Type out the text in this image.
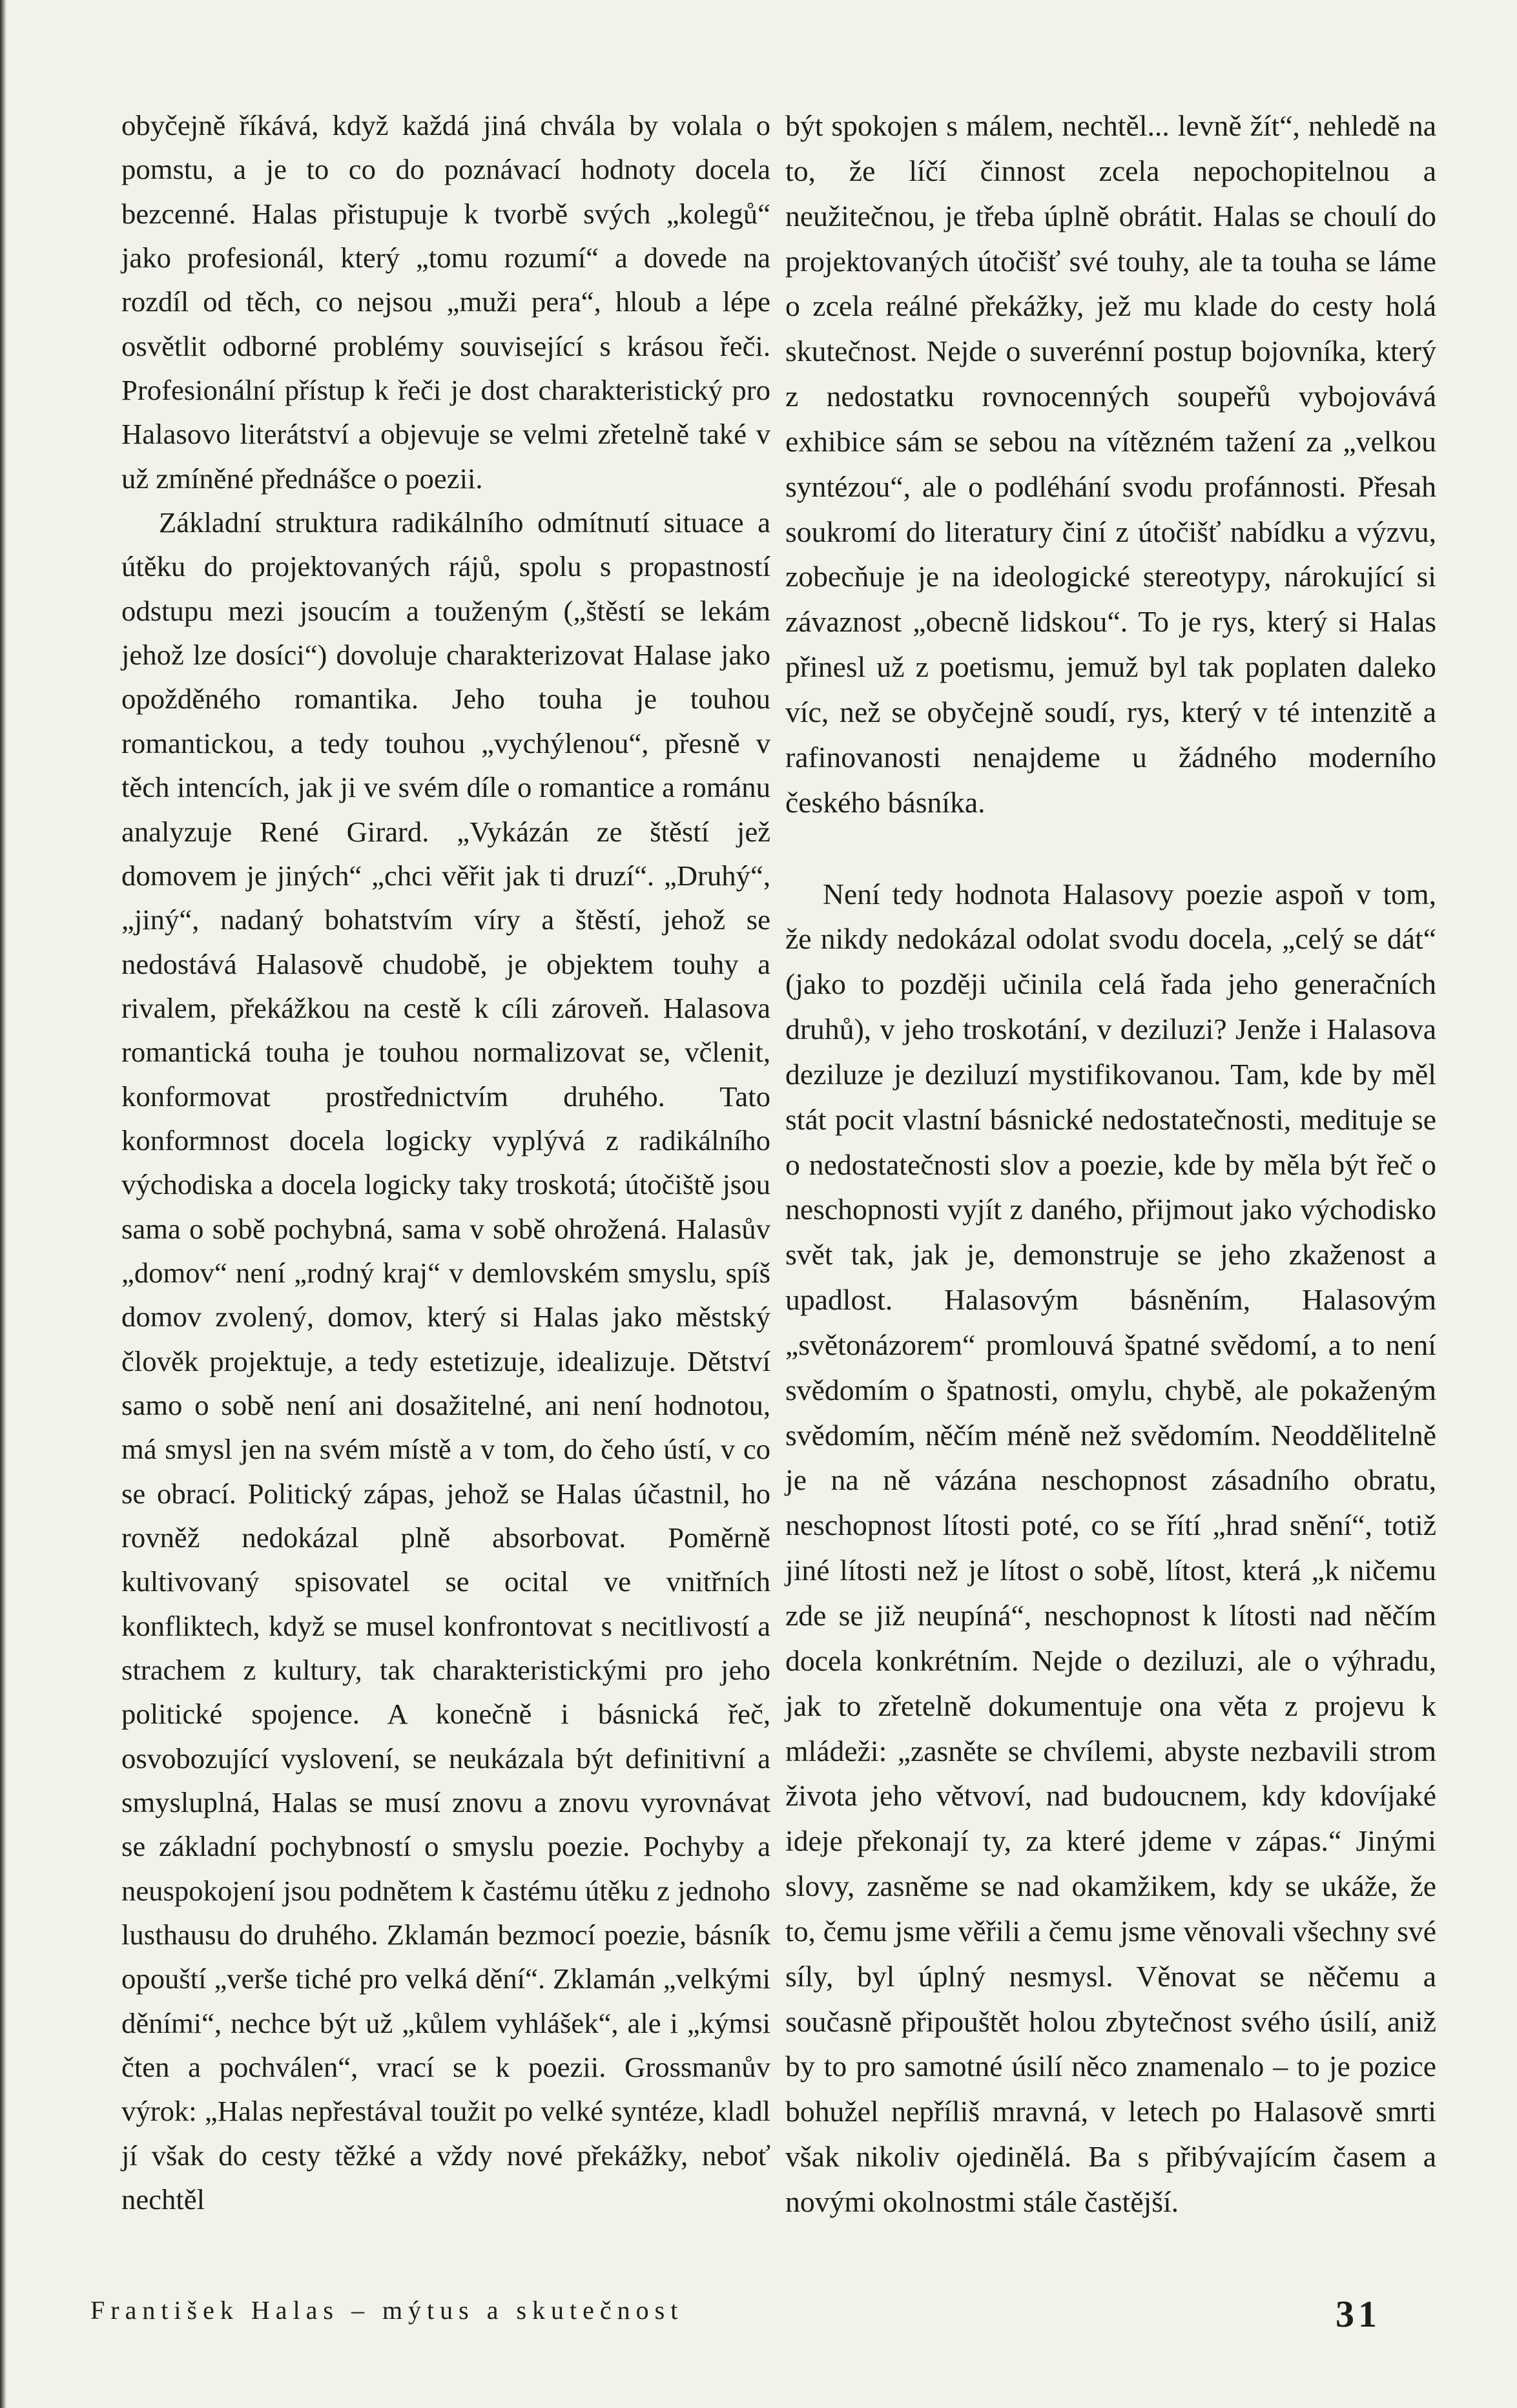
obyčejně říkává, když každá jiná chvála by volala o pomstu, a je to co do poznávací hodnoty docela bezcenné. Halas přistupuje k tvorbě svých „kolegů“ jako profesionál, který „tomu rozumí“ a dovede na rozdíl od těch, co nejsou „muži pera“, hloub a lépe osvětlit odborné problémy související s krásou řeči. Profesionální přístup k řeči je dost charakteristický pro Halasovo literátství a objevuje se velmi zřetelně také v už zmíněné přednášce o poezii.

Základní struktura radikálního odmítnutí situace a útěku do projektovaných rájů, spolu s propastností odstupu mezi jsoucím a touženým („štěstí se lekám jehož lze dosíci“) dovoluje charakterizovat Halase jako opožděného romantika. Jeho touha je touhou romantickou, a tedy touhou „vychýlenou“, přesně v těch intencích, jak ji ve svém díle o romantice a románu analyzuje René Girard. „Vykázán ze štěstí jež domovem je jiných“ „chci věřit jak ti druzí“. „Druhý“, „jiný“, nadaný bohatstvím víry a štěstí, jehož se nedostává Halasově chudobě, je objektem touhy a rivalem, překážkou na cestě k cíli zároveň. Halasova romantická touha je touhou normalizovat se, včlenit, konformovat prostřednictvím druhého. Tato konformnost docela logicky vyplývá z radikálního východiska a docela logicky taky troskotá; útočiště jsou sama o sobě pochybná, sama v sobě ohrožená. Halasův „domov“ není „rodný kraj“ v demlovském smyslu, spíš domov zvolený, domov, který si Halas jako městský člověk projektuje, a tedy estetizuje, idealizuje. Dětství samo o sobě není ani dosažitelné, ani není hodnotou, má smysl jen na svém místě a v tom, do čeho ústí, v co se obrací. Politický zápas, jehož se Halas účastnil, ho rovněž nedokázal plně absorbovat. Poměrně kultivovaný spisovatel se ocital ve vnitřních konfliktech, když se musel konfrontovat s necitlivostí a strachem z kultury, tak charakteristickými pro jeho politické spojence. A konečně i básnická řeč, osvobozující vyslovení, se neukázala být definitivní a smysluplná, Halas se musí znovu a znovu vyrovnávat se základní pochybností o smyslu poezie. Pochyby a neuspokojení jsou podnětem k častému útěku z jednoho lusthausu do druhého. Zklamán bezmocí poezie, básník opouští „verše tiché pro velká dění“. Zklamán „velkými děními“, nechce být už „kůlem vyhlášek“, ale i „kýmsi čten a pochválen“, vrací se k poezii. Grossmanův výrok: „Halas nepřestával toužit po velké syntéze, kladl jí však do cesty těžké a vždy nové překážky, neboť nechtěl

být spokojen s málem, nechtěl... levně žít“, nehledě na to, že líčí činnost zcela nepochopitelnou a neužitečnou, je třeba úplně obrátit. Halas se choulí do projektovaných útočišť své touhy, ale ta touha se láme o zcela reálné překážky, jež mu klade do cesty holá skutečnost. Nejde o suverénní postup bojovníka, který z nedostatku rovnocenných soupeřů vybojovává exhibice sám se sebou na vítězném tažení za „velkou syntézou“, ale o podléhání svodu profánnosti. Přesah soukromí do literatury činí z útočišť nabídku a výzvu, zobecňuje je na ideologické stereotypy, nárokující si závaznost „obecně lidskou“. To je rys, který si Halas přinesl už z poetismu, jemuž byl tak poplaten daleko víc, než se obyčejně soudí, rys, který v té intenzitě a rafinovanosti nenajdeme u žádného moderního českého básníka.

Není tedy hodnota Halasovy poezie aspoň v tom, že nikdy nedokázal odolat svodu docela, „celý se dát“ (jako to později učinila celá řada jeho generačních druhů), v jeho troskotání, v deziluzi? Jenže i Halasova deziluze je deziluzí mystifikovanou. Tam, kde by měl stát pocit vlastní básnické nedostatečnosti, meditujе se o nedostatečnosti slov a poezie, kde by měla být řeč o neschopnosti vyjít z daného, přijmout jako východisko svět tak, jak je, demonstruje se jeho zkaženost a upadlost. Halasovým básněním, Halasovým „světonázorem“ promlouvá špatné svědomí, a to není svědomím o špatnosti, omylu, chybě, ale pokaženým svědomím, něčím méně než svědomím. Neoddělitelně je na ně vázána neschopnost zásadního obratu, neschopnost lítosti poté, co se řítí „hrad snění“, totiž jiné lítosti než je lítost o sobě, lítost, která „k ničemu zde se již neupíná“, neschopnost k lítosti nad něčím docela konkrétním. Nejde o deziluzi, ale o výhradu, jak to zřetelně dokumentuje ona věta z projevu k mládeži: „zasněte se chvílemi, abyste nezbavili strom života jeho větvoví, nad budoucnem, kdy kdovíjaké ideje překonají ty, za které jdeme v zápas.“ Jinými slovy, zasněme se nad okamžikem, kdy se ukáže, že to, čemu jsme věřili a čemu jsme věnovali všechny své síly, byl úplný nesmysl. Věnovat se něčemu a současně připouštět holou zbytečnost svého úsilí, aniž by to pro samotné úsilí něco znamenalo – to je pozice bohužel nepříliš mravná, v letech po Halasově smrti však nikoliv ojedinělá. Ba s přibývajícím časem a novými okolnostmi stále častější.

František Halas – mýtus a skutečnost	31
